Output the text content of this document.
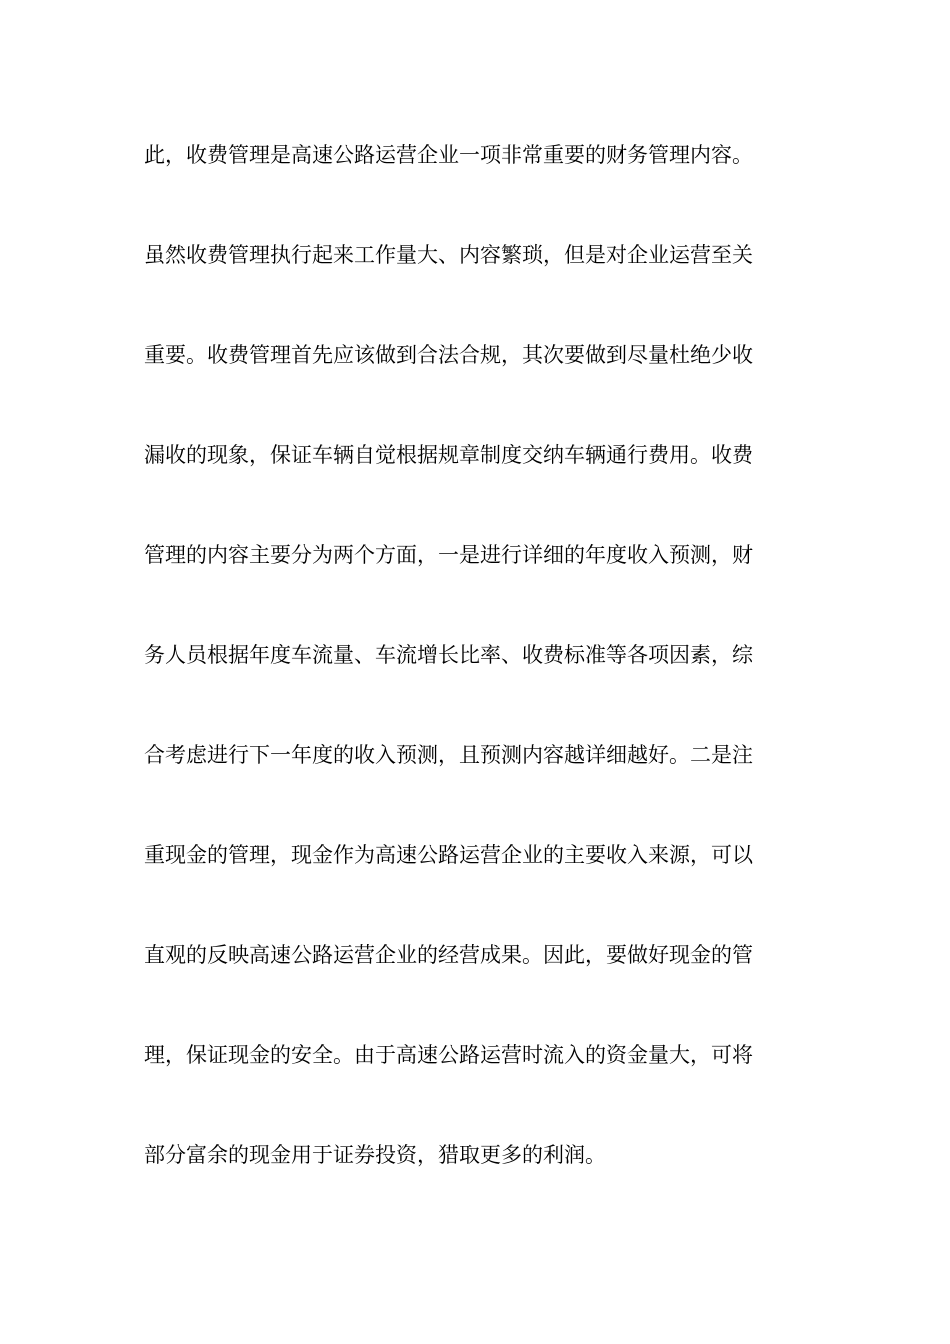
此，收费管理是高速公路运营企业一项非常重要的财务管理内容。
虽然收费管理执行起来工作量大、内容繁琐，但是对企业运营至关
重要。收费管理首先应该做到合法合规，其次要做到尽量杜绝少收
漏收的现象，保证车辆自觉根据规章制度交纳车辆通行费用。收费
管理的内容主要分为两个方面，一是进行详细的年度收入预测，财
务人员根据年度车流量、车流增长比率、收费标准等各项因素，综
合考虑进行下一年度的收入预测，且预测内容越详细越好。二是注
重现金的管理，现金作为高速公路运营企业的主要收入来源，可以
直观的反映高速公路运营企业的经营成果。因此，要做好现金的管
理，保证现金的安全。由于高速公路运营时流入的资金量大，可将
部分富余的现金用于证券投资，猎取更多的利润。
